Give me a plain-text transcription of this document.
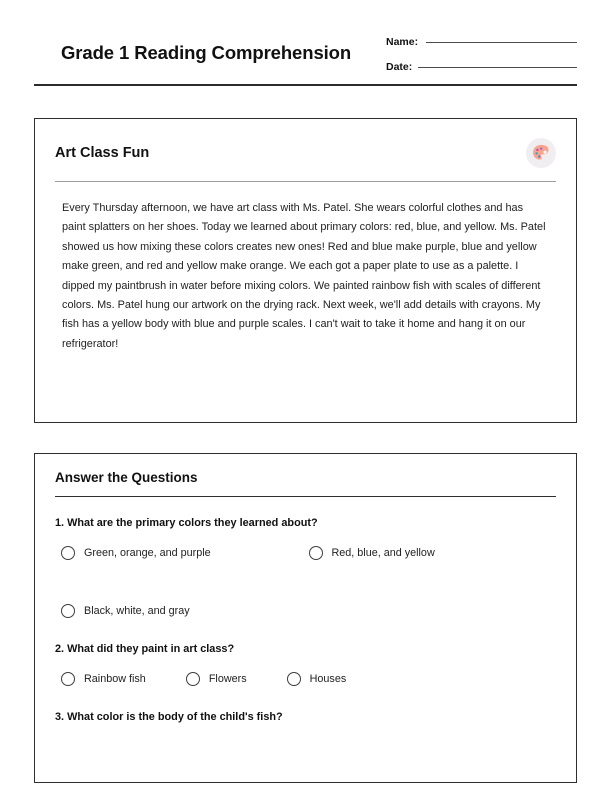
Grade 1 Reading Comprehension
Name:
Date:
Art Class Fun
Every Thursday afternoon, we have art class with Ms. Patel. She wears colorful clothes and has paint splatters on her shoes. Today we learned about primary colors: red, blue, and yellow. Ms. Patel showed us how mixing these colors creates new ones! Red and blue make purple, blue and yellow make green, and red and yellow make orange. We each got a paper plate to use as a palette. I dipped my paintbrush in water before mixing colors. We painted rainbow fish with scales of different colors. Ms. Patel hung our artwork on the drying rack. Next week, we'll add details with crayons. My fish has a yellow body with blue and purple scales. I can't wait to take it home and hang it on our refrigerator!
Answer the Questions
1. What are the primary colors they learned about?
Green, orange, and purple	Red, blue, and yellow
Black, white, and gray
2. What did they paint in art class?
Rainbow fish	Flowers	Houses
3. What color is the body of the child's fish?
